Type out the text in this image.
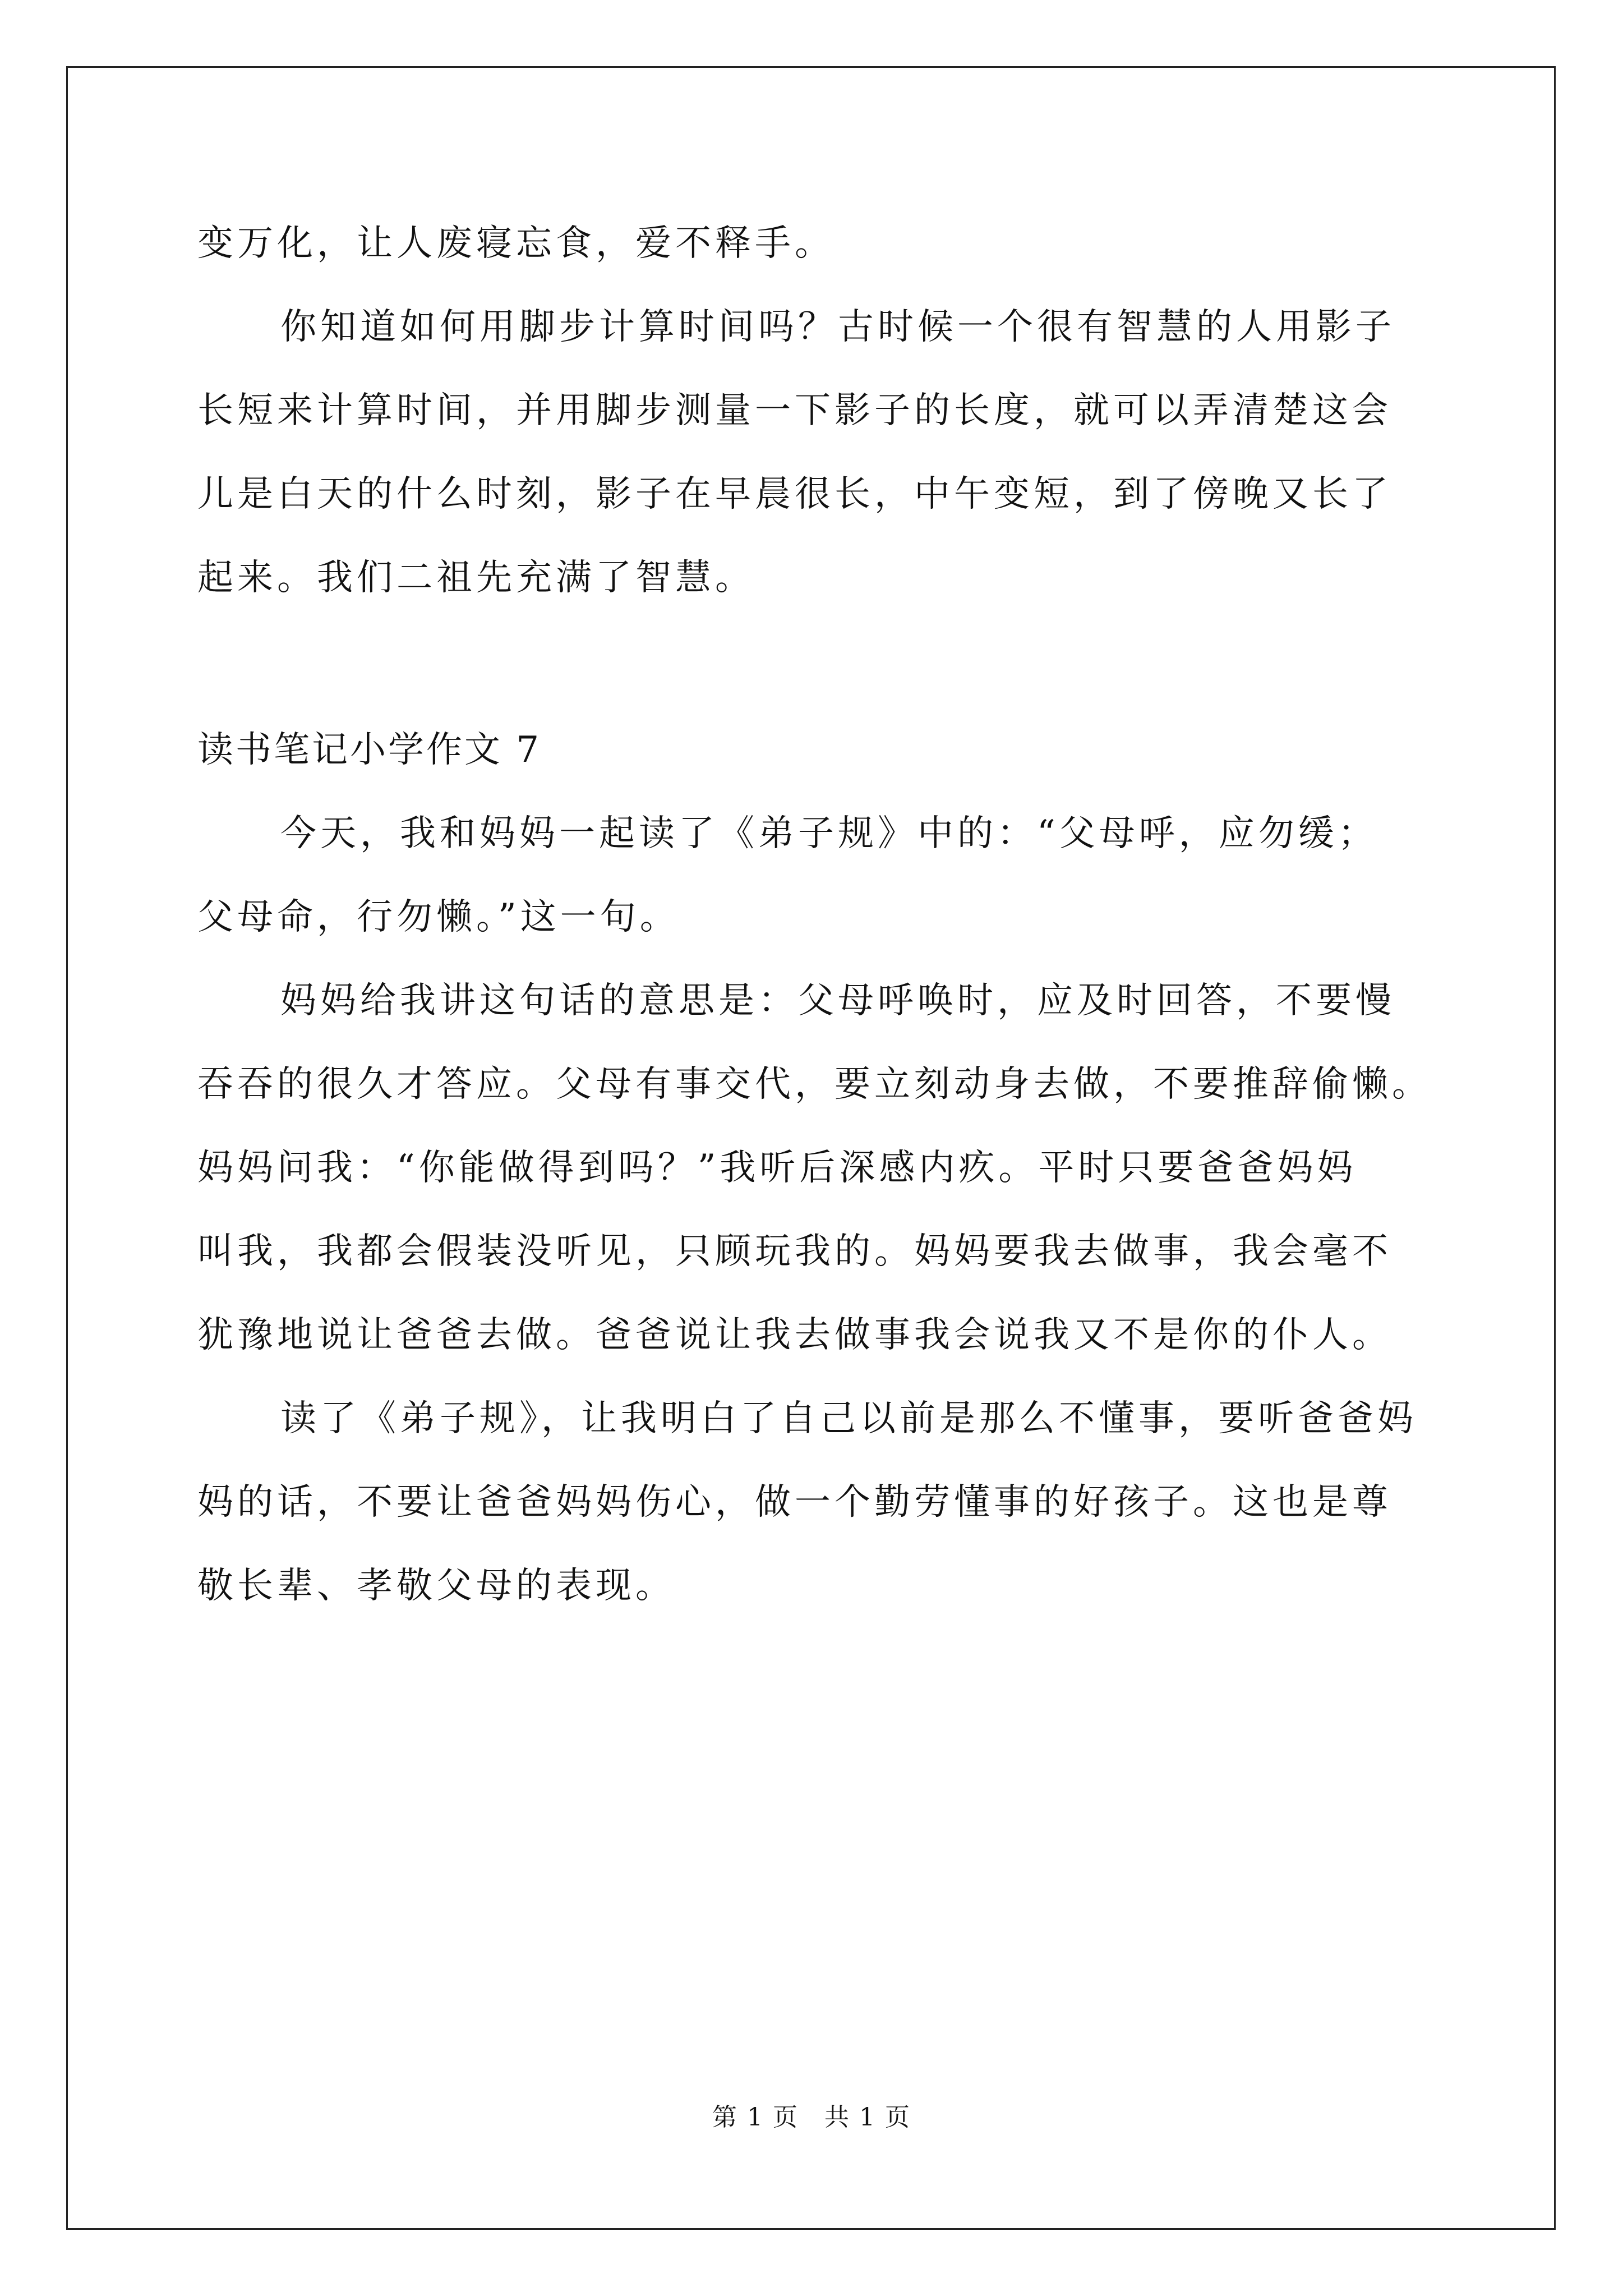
变万化，让人废寝忘食，爱不释手。
你知道如何用脚步计算时间吗？古时候一个很有智慧的人用影子
长短来计算时间，并用脚步测量一下影子的长度，就可以弄清楚这会
儿是白天的什么时刻，影子在早晨很长，中午变短，到了傍晚又长了
起来。我们二祖先充满了智慧。
读书笔记小学作文 7
今天，我和妈妈一起读了《弟子规》中的：“父母呼，应勿缓；
父母命，行勿懒。”这一句。
妈妈给我讲这句话的意思是：父母呼唤时，应及时回答，不要慢
吞吞的很久才答应。父母有事交代，要立刻动身去做，不要推辞偷懒。
妈妈问我：“你能做得到吗？”我听后深感内疚。平时只要爸爸妈妈
叫我，我都会假装没听见，只顾玩我的。妈妈要我去做事，我会毫不
犹豫地说让爸爸去做。爸爸说让我去做事我会说我又不是你的仆人。
读了《弟子规》，让我明白了自己以前是那么不懂事，要听爸爸妈
妈的话，不要让爸爸妈妈伤心，做一个勤劳懂事的好孩子。这也是尊
敬长辈、孝敬父母的表现。
第 1 页　共 1 页
